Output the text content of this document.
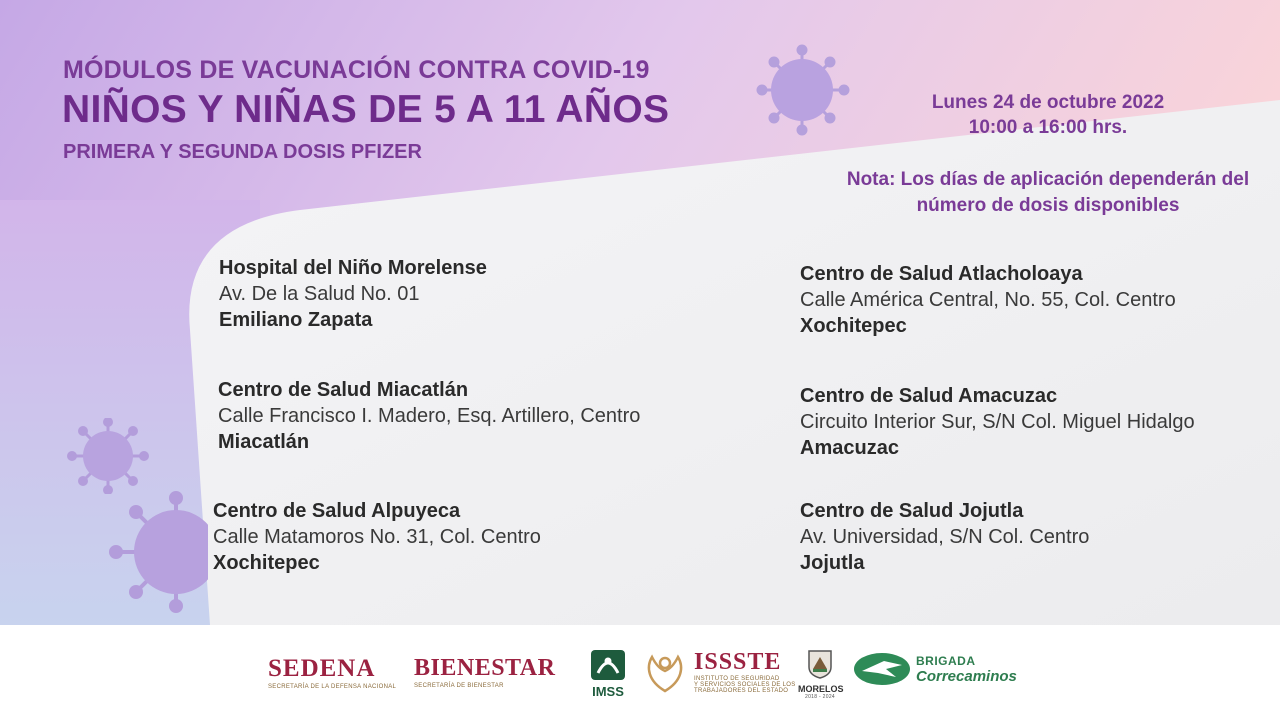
MÓDULOS DE VACUNACIÓN CONTRA COVID-19
NIÑOS Y NIÑAS DE 5 A 11 AÑOS
PRIMERA Y SEGUNDA DOSIS PFIZER
Lunes 24 de octubre 2022
10:00 a 16:00 hrs.
Nota: Los días de aplicación dependerán del
número de dosis disponibles
Hospital del Niño Morelense
Av. De la Salud No. 01
Emiliano Zapata
Centro de Salud Miacatlán
Calle Francisco I. Madero, Esq. Artillero, Centro
Miacatlán
Centro de Salud Alpuyeca
Calle Matamoros No. 31, Col. Centro
Xochitepec
Centro de Salud Atlacholoaya
Calle América Central, No. 55, Col. Centro
Xochitepec
Centro de Salud Amacuzac
Circuito Interior Sur, S/N Col. Miguel Hidalgo
Amacuzac
Centro de Salud Jojutla
Av. Universidad, S/N Col. Centro
Jojutla
SEDENA
SECRETARÍA DE LA DEFENSA NACIONAL
BIENESTAR
SECRETARÍA DE BIENESTAR	IMSS
ISSSTE
INSTITUTO DE SEGURIDAD
Y SERVICIOS SOCIALES DE LOS
TRABAJADORES DEL ESTADO	MORELOS
2018 - 2024
BRIGADA
Correcaminos
